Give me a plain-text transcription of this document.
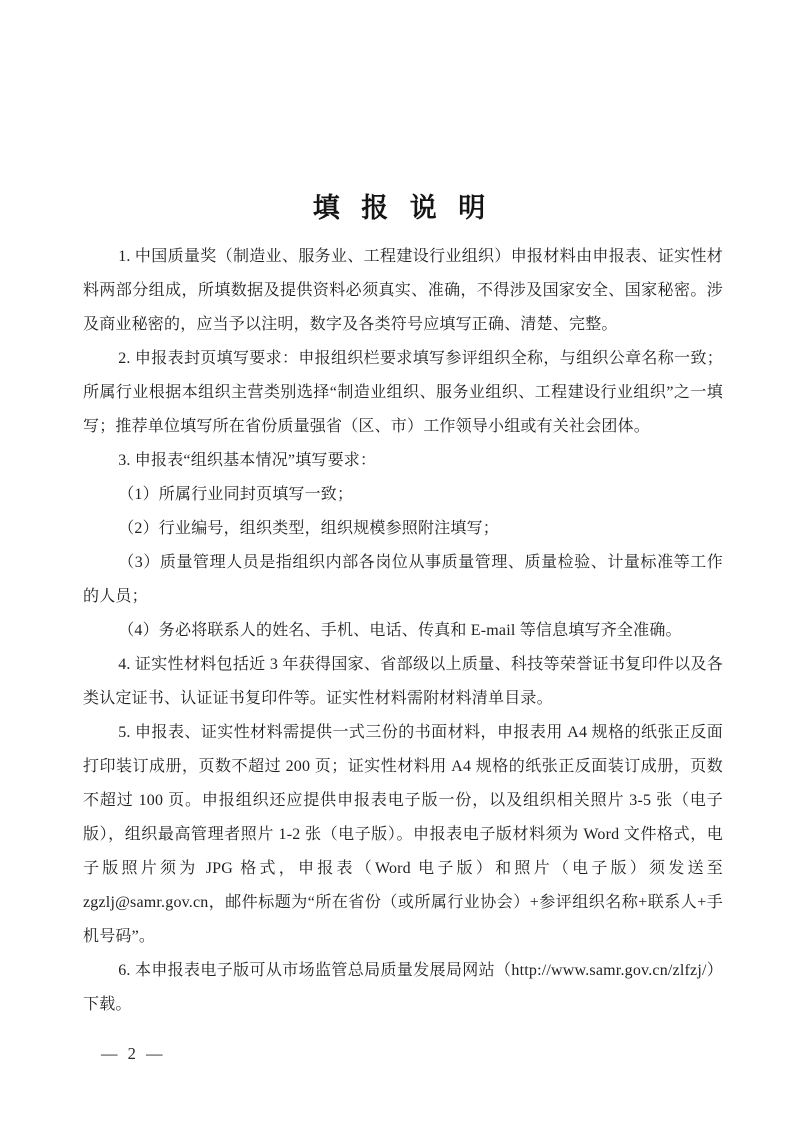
填 报 说 明

1. 中国质量奖（制造业、服务业、工程建设行业组织）申报材料由申报表、证实性材料两部分组成，所填数据及提供资料必须真实、准确，不得涉及国家安全、国家秘密。涉及商业秘密的，应当予以注明，数字及各类符号应填写正确、清楚、完整。

2. 申报表封页填写要求：申报组织栏要求填写参评组织全称，与组织公章名称一致；所属行业根据本组织主营类别选择“制造业组织、服务业组织、工程建设行业组织”之一填写；推荐单位填写所在省份质量强省（区、市）工作领导小组或有关社会团体。

3. 申报表“组织基本情况”填写要求：

（1）所属行业同封页填写一致；

（2）行业编号，组织类型，组织规模参照附注填写；

（3）质量管理人员是指组织内部各岗位从事质量管理、质量检验、计量标准等工作的人员；

（4）务必将联系人的姓名、手机、电话、传真和 E-mail 等信息填写齐全准确。

4. 证实性材料包括近 3 年获得国家、省部级以上质量、科技等荣誉证书复印件以及各类认定证书、认证证书复印件等。证实性材料需附材料清单目录。

5. 申报表、证实性材料需提供一式三份的书面材料，申报表用 A4 规格的纸张正反面打印装订成册，页数不超过 200 页；证实性材料用 A4 规格的纸张正反面装订成册，页数不超过 100 页。申报组织还应提供申报表电子版一份，以及组织相关照片 3-5 张（电子版），组织最高管理者照片 1-2 张（电子版）。申报表电子版材料须为 Word 文件格式，电子版照片须为 JPG 格式，申报表（Word 电子版）和照片（电子版）须发送至 zgzlj@samr.gov.cn，邮件标题为“所在省份（或所属行业协会）+参评组织名称+联系人+手机号码”。

6. 本申报表电子版可从市场监管总局质量发展局网站（http://www.samr.gov.cn/zlfzj/）下载。

— 2 —
